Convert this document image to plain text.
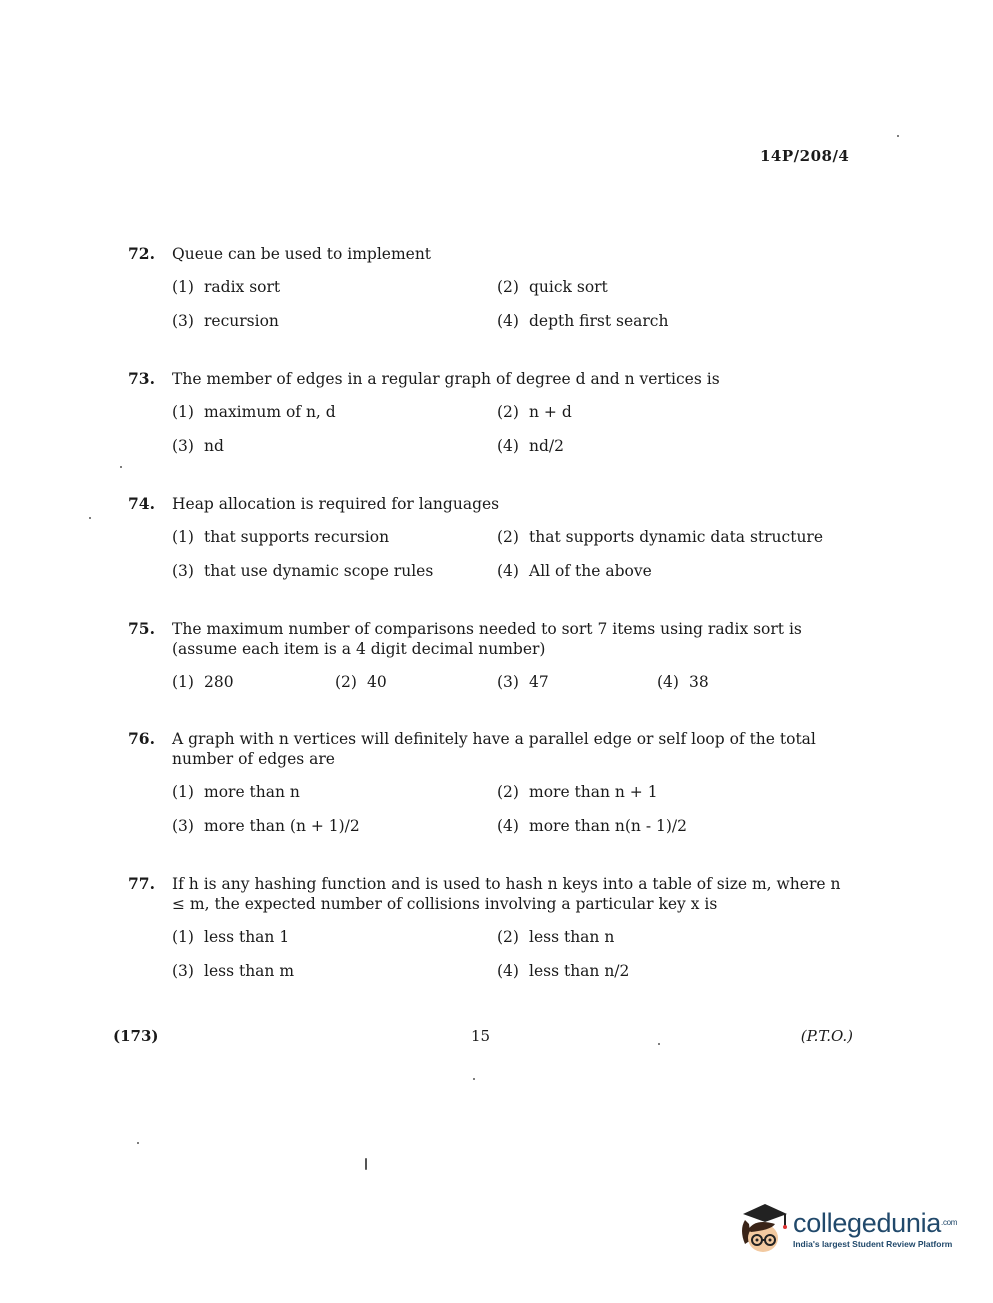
14P/208/4
72.	Queue can be used to implement
(1) radix sort	(2) quick sort
(3) recursion	(4) depth first search
73.	The member of edges in a regular graph of degree d and n vertices is
(1) maximum of n, d	(2) n + d
(3) nd	(4) nd/2
74.	Heap allocation is required for languages
(1) that supports recursion	(2) that supports dynamic data structure
(3) that use dynamic scope rules	(4) All of the above
75.	The maximum number of comparisons needed to sort 7 items using radix sort is (assume each item is a 4 digit decimal number)
(1) 280	(2) 40	(3) 47	(4) 38
76.	A graph with n vertices will definitely have a parallel edge or self loop of the total number of edges are
(1) more than n	(2) more than n + 1
(3) more than (n + 1)/2	(4) more than n(n - 1)/2
77.	If h is any hashing function and is used to hash n keys into a table of size m, where n ≤ m, the expected number of collisions involving a particular key x is
(1) less than 1	(2) less than n
(3) less than m	(4) less than n/2
(173)	15	(P.T.O.)
collegedunia$^{.com}$
India's largest Student Review Platform
